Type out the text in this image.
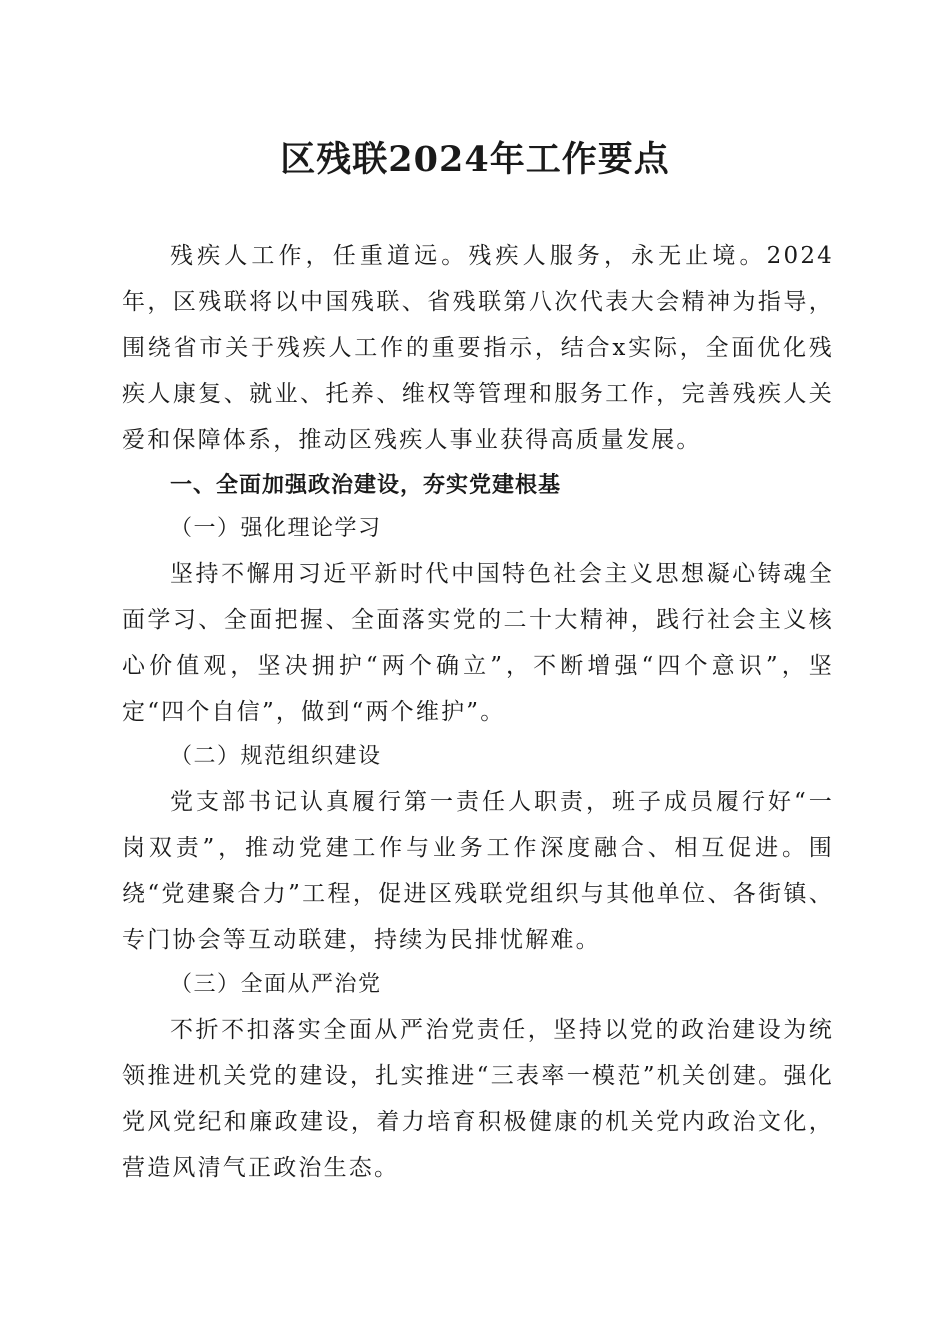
区残联2024年工作要点

残疾人工作，任重道远。残疾人服务，永无止境。2024年，区残联将以中国残联、省残联第八次代表大会精神为指导，围绕省市关于残疾人工作的重要指示，结合x实际，全面优化残疾人康复、就业、托养、维权等管理和服务工作，完善残疾人关爱和保障体系，推动区残疾人事业获得高质量发展。

一、全面加强政治建设，夯实党建根基
（一）强化理论学习

坚持不懈用习近平新时代中国特色社会主义思想凝心铸魂全面学习、全面把握、全面落实党的二十大精神，践行社会主义核心价值观，坚决拥护“两个确立”，不断增强“四个意识”，坚定“四个自信”，做到“两个维护”。

（二）规范组织建设

党支部书记认真履行第一责任人职责，班子成员履行好“一岗双责”，推动党建工作与业务工作深度融合、相互促进。围绕“党建聚合力”工程，促进区残联党组织与其他单位、各街镇、专门协会等互动联建，持续为民排忧解难。

（三）全面从严治党

不折不扣落实全面从严治党责任，坚持以党的政治建设为统领推进机关党的建设，扎实推进“三表率一模范”机关创建。强化党风党纪和廉政建设，着力培育积极健康的机关党内政治文化，营造风清气正政治生态。
